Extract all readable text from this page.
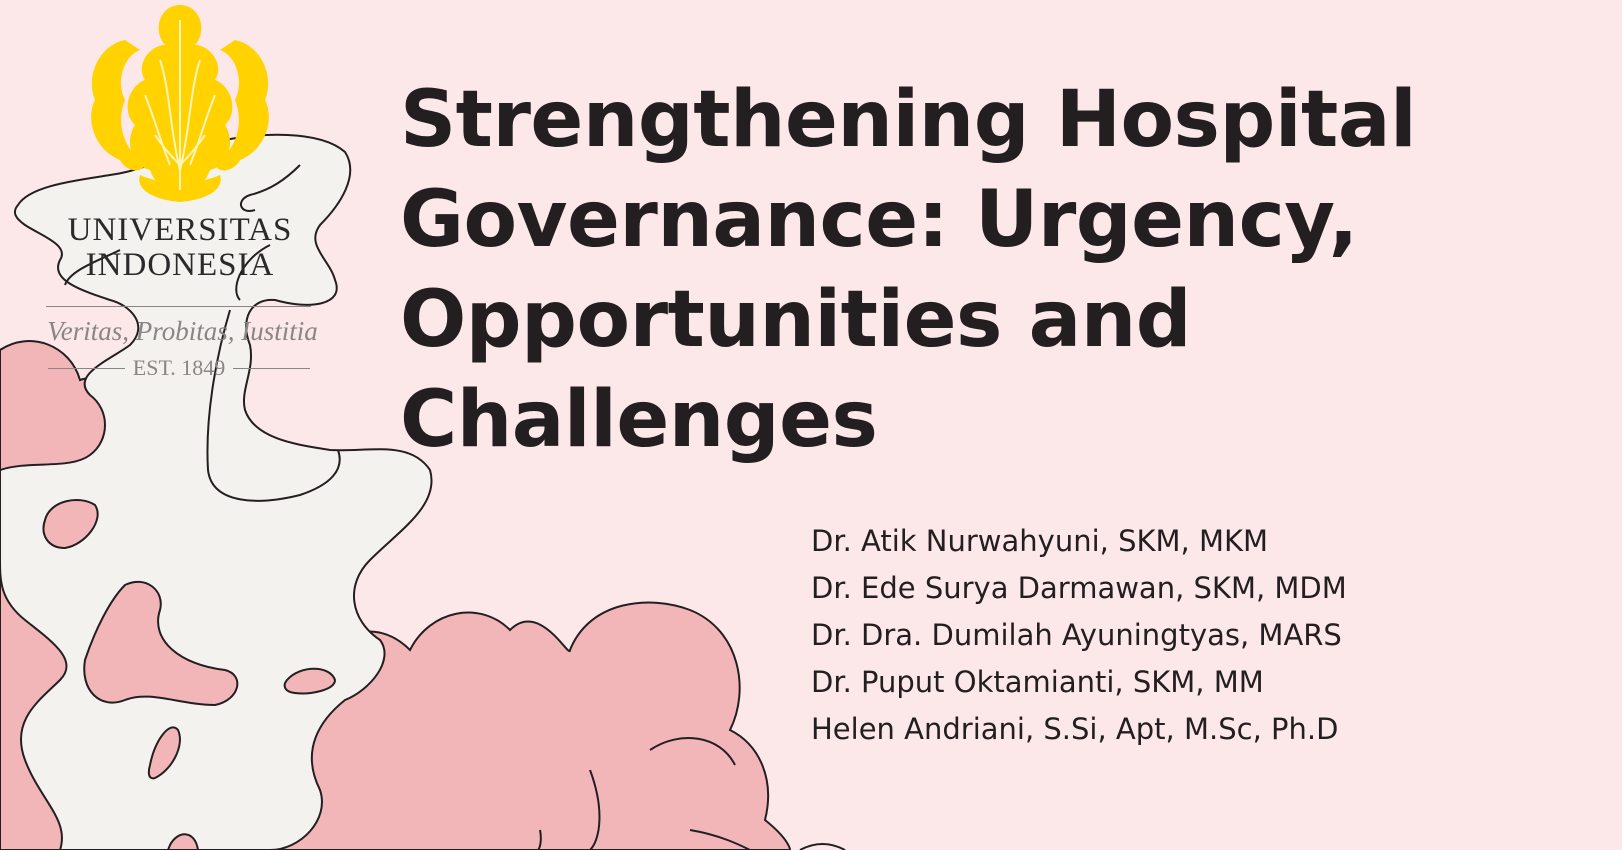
UNIVERSITAS
INDONESIA
Veritas, Probitas, Iustitia
EST. 1849
Strengthening Hospital
Governance: Urgency,
Opportunities and
Challenges
Dr. Atik Nurwahyuni, SKM, MKM
Dr. Ede Surya Darmawan, SKM, MDM
Dr. Dra. Dumilah Ayuningtyas, MARS
Dr. Puput Oktamianti, SKM, MM
Helen Andriani, S.Si, Apt, M.Sc, Ph.D
